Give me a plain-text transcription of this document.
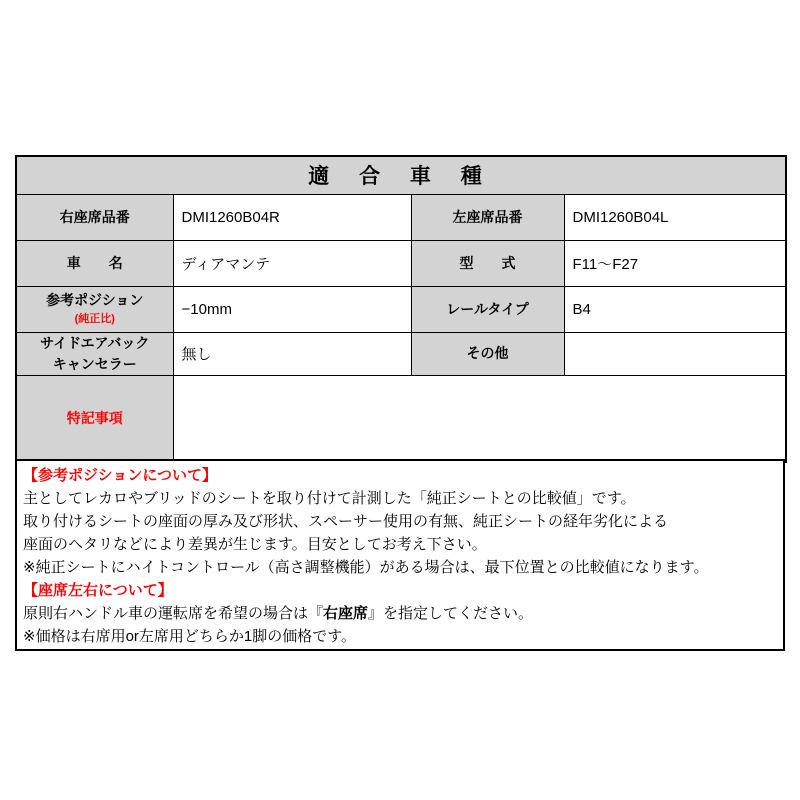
適 合 車 種			
右座席品番	DMI1260B04R	左座席品番	DMI1260B04L
車　　名	ディアマンテ	型　　式	F11～F27
参考ポジション
(純正比)	−10mm	レールタイプ	B4
サイドエアバック
キャンセラー	無し	その他	
特記事項			
【参考ポジションについて】
主としてレカロやブリッドのシートを取り付けて計測した「純正シートとの比較値」です。
取り付けるシートの座面の厚み及び形状、スペーサー使用の有無、純正シートの経年劣化による
座面のヘタリなどにより差異が生じます。目安としてお考え下さい。
※純正シートにハイトコントロール（高さ調整機能）がある場合は、最下位置との比較値になります。
【座席左右について】
原則右ハンドル車の運転席を希望の場合は『右座席』を指定してください。
※価格は右席用or左席用どちらか1脚の価格です。
